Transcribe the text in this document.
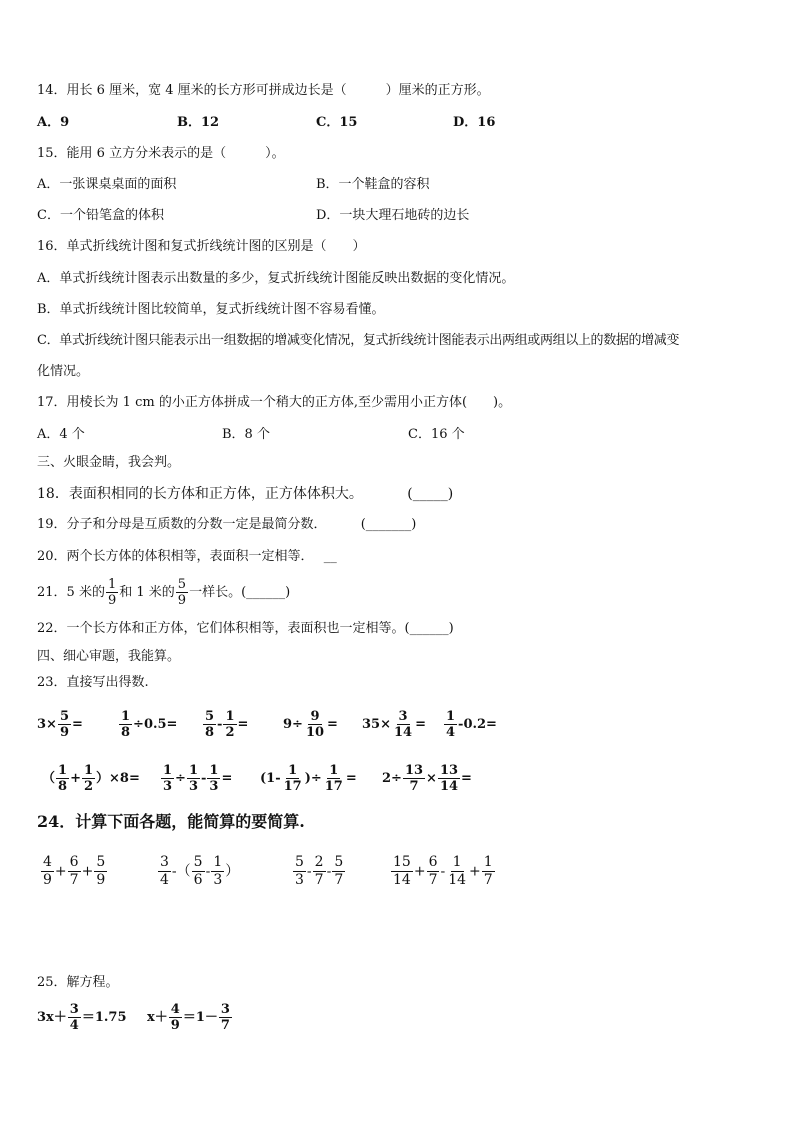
14．用长 6 厘米，宽 4 厘米的长方形可拼成边长是（　　　）厘米的正方形。
A．9	B．12	C．15	D．16
15．能用 6 立方分米表示的是（　　　）。
A．一张课桌桌面的面积	B．一个鞋盒的容积
C．一个铅笔盒的体积	D．一块大理石地砖的边长
16．单式折线统计图和复式折线统计图的区别是（　　）
A．单式折线统计图表示出数量的多少，复式折线统计图能反映出数据的变化情况。
B．单式折线统计图比较简单，复式折线统计图不容易看懂。
C．单式折线统计图只能表示出一组数据的增减变化情况，复式折线统计图能表示出两组或两组以上的数据的增减变
化情况。
17．用棱长为 1 cm 的小正方体拼成一个稍大的正方体,至少需用小正方体(　　)。
A．4 个	B．8 个	C．16 个
三、火眼金睛，我会判。
18．表面积相同的长方体和正方体，正方体体积大。	(_____)
19．分子和分母是互质数的分数一定是最简分数．	(_______)
20．两个长方体的体积相等，表面积一定相等． __
21．5 米的 $\frac{1}{9}$ 和 1 米的 $\frac{5}{9}$ 一样长。(______)
22．一个长方体和正方体，它们体积相等，表面积也一定相等。(______)
四、细心审题，我能算。
23．直接写出得数.
$3\times \frac{5}{9}$ =	$\frac{1}{8} \div 0.5= \frac{5}{8} - \frac{1}{2}$ =	$9\div \frac{9}{10} = 35\times \frac{3}{14} = \frac{1}{4} -0.2=$
（ $\frac{1}{8} + \frac{1}{2} )\times 8= \frac{1}{3} \div \frac{1}{3} - \frac{1}{3} = (1- \frac{1}{17}$ )÷ $\frac{1}{17} = 2\div \frac{13}{7} \times \frac{13}{14}$ =
24．计算下面各题，能简算的要简算.
$\frac{4}{9} + \frac{6}{7} + \frac{5}{9}$	$\frac{3}{4}$ -（ $\frac{5}{6} - \frac{1}{3}$ ）	$\frac{5}{3} - \frac{2}{7} - \frac{5}{7}$	$\frac{15}{14} + \frac{6}{7} - \frac{1}{14} + \frac{1}{7}$
25．解方程。
$3x+ \frac{3}{4} =1.75$ $x+ \frac{4}{9} =1- \frac{3}{7}$
